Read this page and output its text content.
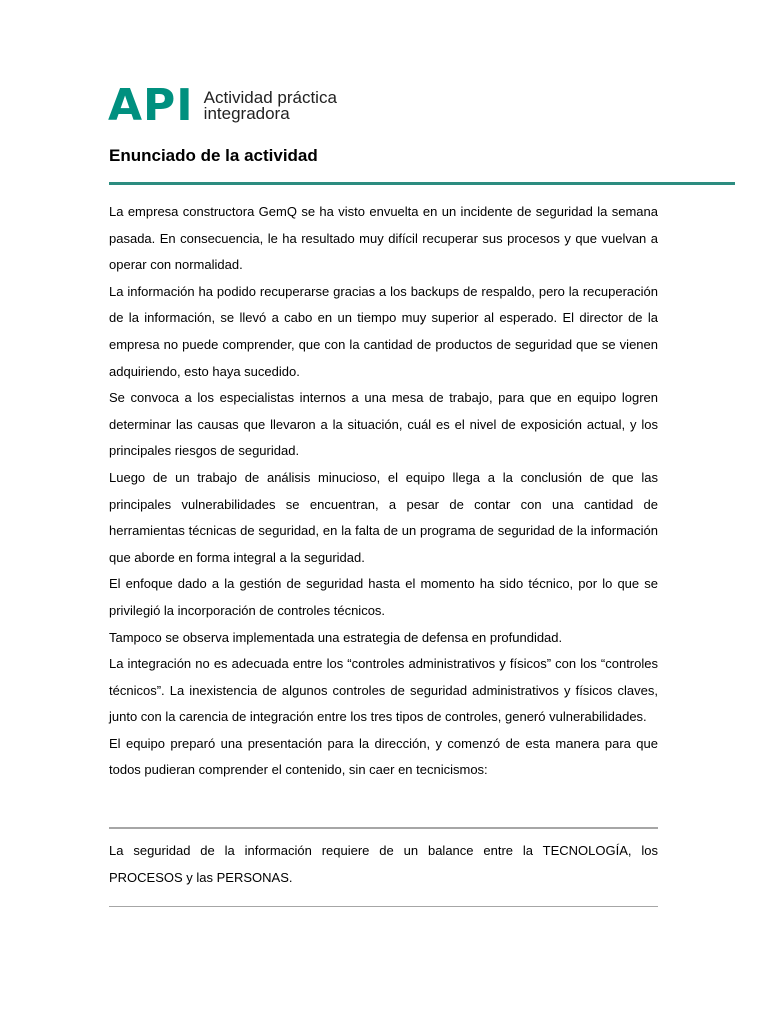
API Actividad práctica
integradora
Enunciado de la actividad

La empresa constructora GemQ se ha visto envuelta en un incidente de seguridad la semana pasada. En consecuencia, le ha resultado muy difícil recuperar sus procesos y que vuelvan a operar con normalidad.

La información ha podido recuperarse gracias a los backups de respaldo, pero la recuperación de la información, se llevó a cabo en un tiempo muy superior al esperado. El director de la empresa no puede comprender, que con la cantidad de productos de seguridad que se vienen adquiriendo, esto haya sucedido.

Se convoca a los especialistas internos a una mesa de trabajo, para que en equipo logren determinar las causas que llevaron a la situación, cuál es el nivel de exposición actual, y los principales riesgos de seguridad.

Luego de un trabajo de análisis minucioso, el equipo llega a la conclusión de que las principales vulnerabilidades se encuentran, a pesar de contar con una cantidad de herramientas técnicas de seguridad, en la falta de un programa de seguridad de la información que aborde en forma integral a la seguridad.

El enfoque dado a la gestión de seguridad hasta el momento ha sido técnico, por lo que se privilegió la incorporación de controles técnicos.

Tampoco se observa implementada una estrategia de defensa en profundidad.

La integración no es adecuada entre los “controles administrativos y físicos” con los “controles técnicos”. La inexistencia de algunos controles de seguridad administrativos y físicos claves, junto con la carencia de integración entre los tres tipos de controles, generó vulnerabilidades.

El equipo preparó una presentación para la dirección, y comenzó de esta manera para que todos pudieran comprender el contenido, sin caer en tecnicismos:

La seguridad de la información requiere de un balance entre la TECNOLOGÍA, los PROCESOS y las PERSONAS.
